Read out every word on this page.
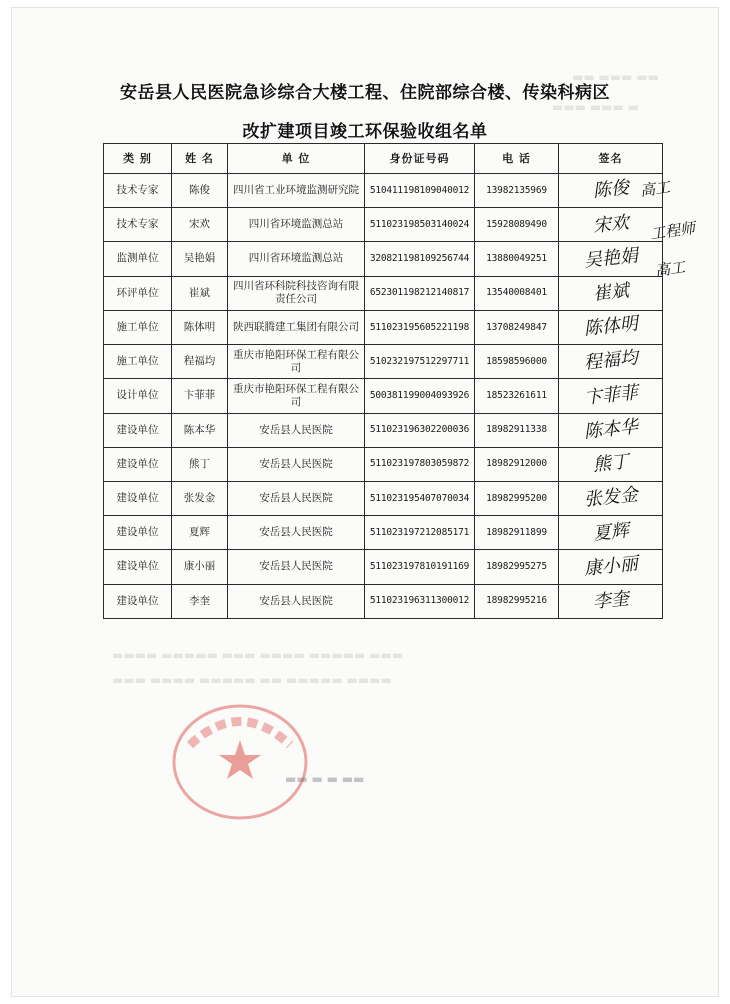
▬▬ ▬▬▬ ▬▬
▬▬▬ ▬▬▬ ▬
▬▬▬▬ ▬▬▬▬▬ ▬▬▬ ▬▬▬▬ ▬▬▬▬▬ ▬▬▬
▬▬▬ ▬▬▬▬ ▬▬▬▬▬ ▬▬ ▬▬▬▬▬ ▬▬▬▬
安岳县人民医院急诊综合大楼工程、住院部综合楼、传染科病区
改扩建项目竣工环保验收组名单
类 别	姓 名	单 位	身份证号码	电 话	签名
技术专家	陈俊	四川省工业环境监测研究院	510411198109040012	13982135969	陈俊
技术专家	宋欢	四川省环境监测总站	511023198503140024	15928089490	宋欢
监测单位	吴艳娟	四川省环境监测总站	320821198109256744	13880049251	吴艳娟
环评单位	崔斌	四川省环科院科技咨询有限责任公司	652301198212140817	13540008401	崔斌
施工单位	陈体明	陕西联腾建工集团有限公司	511023195605221198	13708249847	陈体明
施工单位	程福均	重庆市艳阳环保工程有限公司	510232197512297711	18598596000	程福均
设计单位	卞菲菲	重庆市艳阳环保工程有限公司	500381199004093926	18523261611	卞菲菲
建设单位	陈本华	安岳县人民医院	511023196302200036	18982911338	陈本华
建设单位	熊丁	安岳县人民医院	511023197803059872	18982912000	熊丁
建设单位	张发金	安岳县人民医院	511023195407070034	18982995200	张发金
建设单位	夏辉	安岳县人民医院	511023197212085171	18982911899	夏辉
建设单位	康小丽	安岳县人民医院	511023197810191169	18982995275	康小丽
建设单位	李奎	安岳县人民医院	511023196311300012	18982995216	李奎
高工
工程师
高工
▬▬ ▬ ▬ ▬▬
